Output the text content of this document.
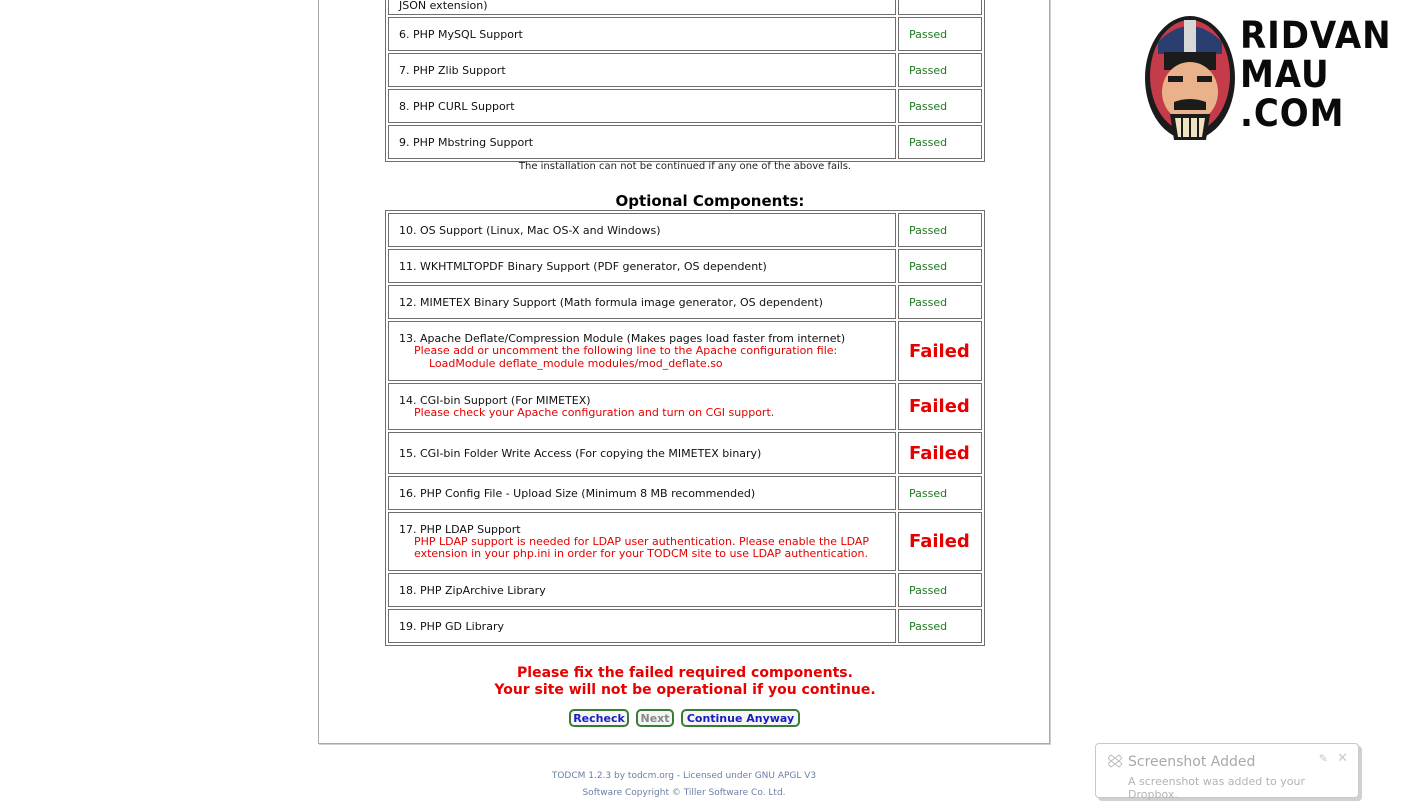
JSON extension)	

6. PHP MySQL Support	Passed

7. PHP Zlib Support	Passed

8. PHP CURL Support	Passed

9. PHP Mbstring Support	Passed
The installation can not be continued if any one of the above fails.
Optional Components:
10. OS Support (Linux, Mac OS-X and Windows)	Passed

11. WKHTMLTOPDF Binary Support (PDF generator, OS dependent)	Passed

12. MIMETEX Binary Support (Math formula image generator, OS dependent)	Passed

13. Apache Deflate/Compression Module (Makes pages load faster from internet)
Please add or uncomment the following line to the Apache configuration file:
LoadModule deflate_module modules/mod_deflate.so	Failed

14. CGI-bin Support (For MIMETEX)
Please check your Apache configuration and turn on CGI support.	Failed

15. CGI-bin Folder Write Access (For copying the MIMETEX binary)	Failed

16. PHP Config File - Upload Size (Minimum 8 MB recommended)	Passed

17. PHP LDAP Support
PHP LDAP support is needed for LDAP user authentication. Please enable the LDAP
extension in your php.ini in order for your TODCM site to use LDAP authentication.	Failed

18. PHP ZipArchive Library	Passed

19. PHP GD Library	Passed
Please fix the failed required components.
Your site will not be operational if you continue.
Recheck	Next	Continue Anyway
TODCM 1.2.3 by todcm.org - Licensed under GNU APGL V3
Software Copyright © Tiller Software Co. Ltd.
RIDVAN
MAU
.COM
Screenshot Added
A screenshot was added to your Dropbox.
✎ ✕
